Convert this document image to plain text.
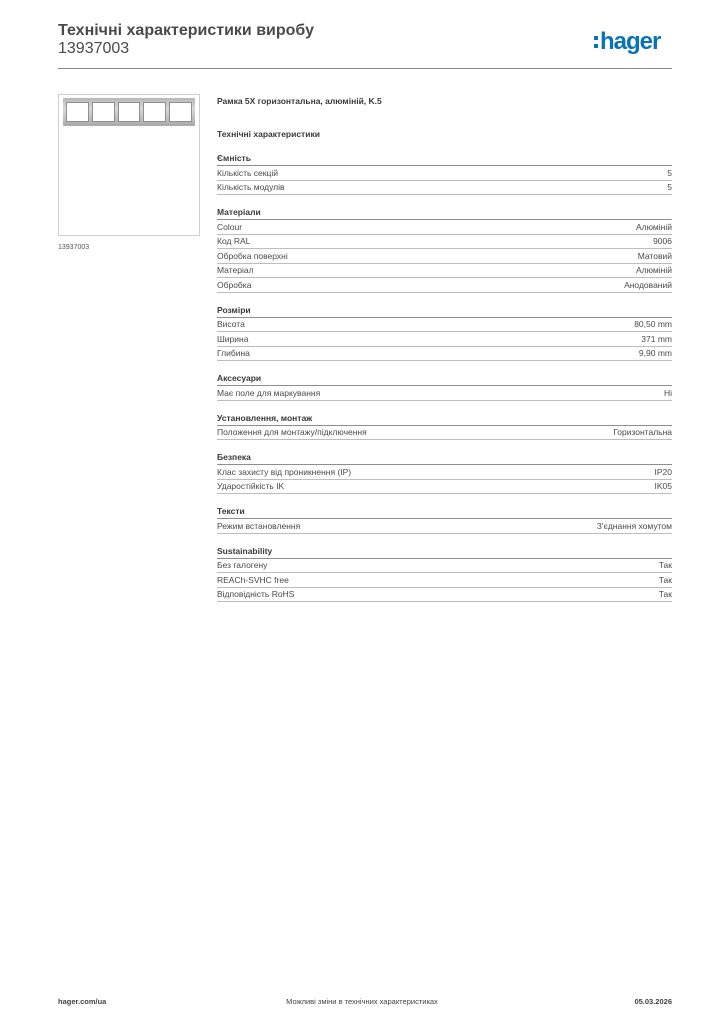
Технічні характеристики виробу
13937003	hager
13937003
Рамка 5X горизонтальна, алюміній, K.5
Технічні характеристики
Ємність
Кількість секцій	5
Кількість модулів	5
Матеріали
Colour	Алюміній
Код RAL	9006
Обробка поверхні	Матовий
Матеріал	Алюміній
Обробка	Анодований
Розміри
Висота	80,50 mm
Ширина	371 mm
Глибина	9,90 mm
Аксесуари
Має поле для маркування	Ні
Установлення, монтаж
Положення для монтажу/підключення	Горизонтальна
Безпека
Клас захисту від проникнення (IP)	IP20
Ударостійкість IK	IK05
Тексти
Режим встановлення	З'єднання хомутом
Sustainability
Без галогену	Так
REACh-SVHC free	Так
Відповідність RoHS	Так
hager.com/ua	Можливі зміни в технічних характеристиках	05.03.2026
